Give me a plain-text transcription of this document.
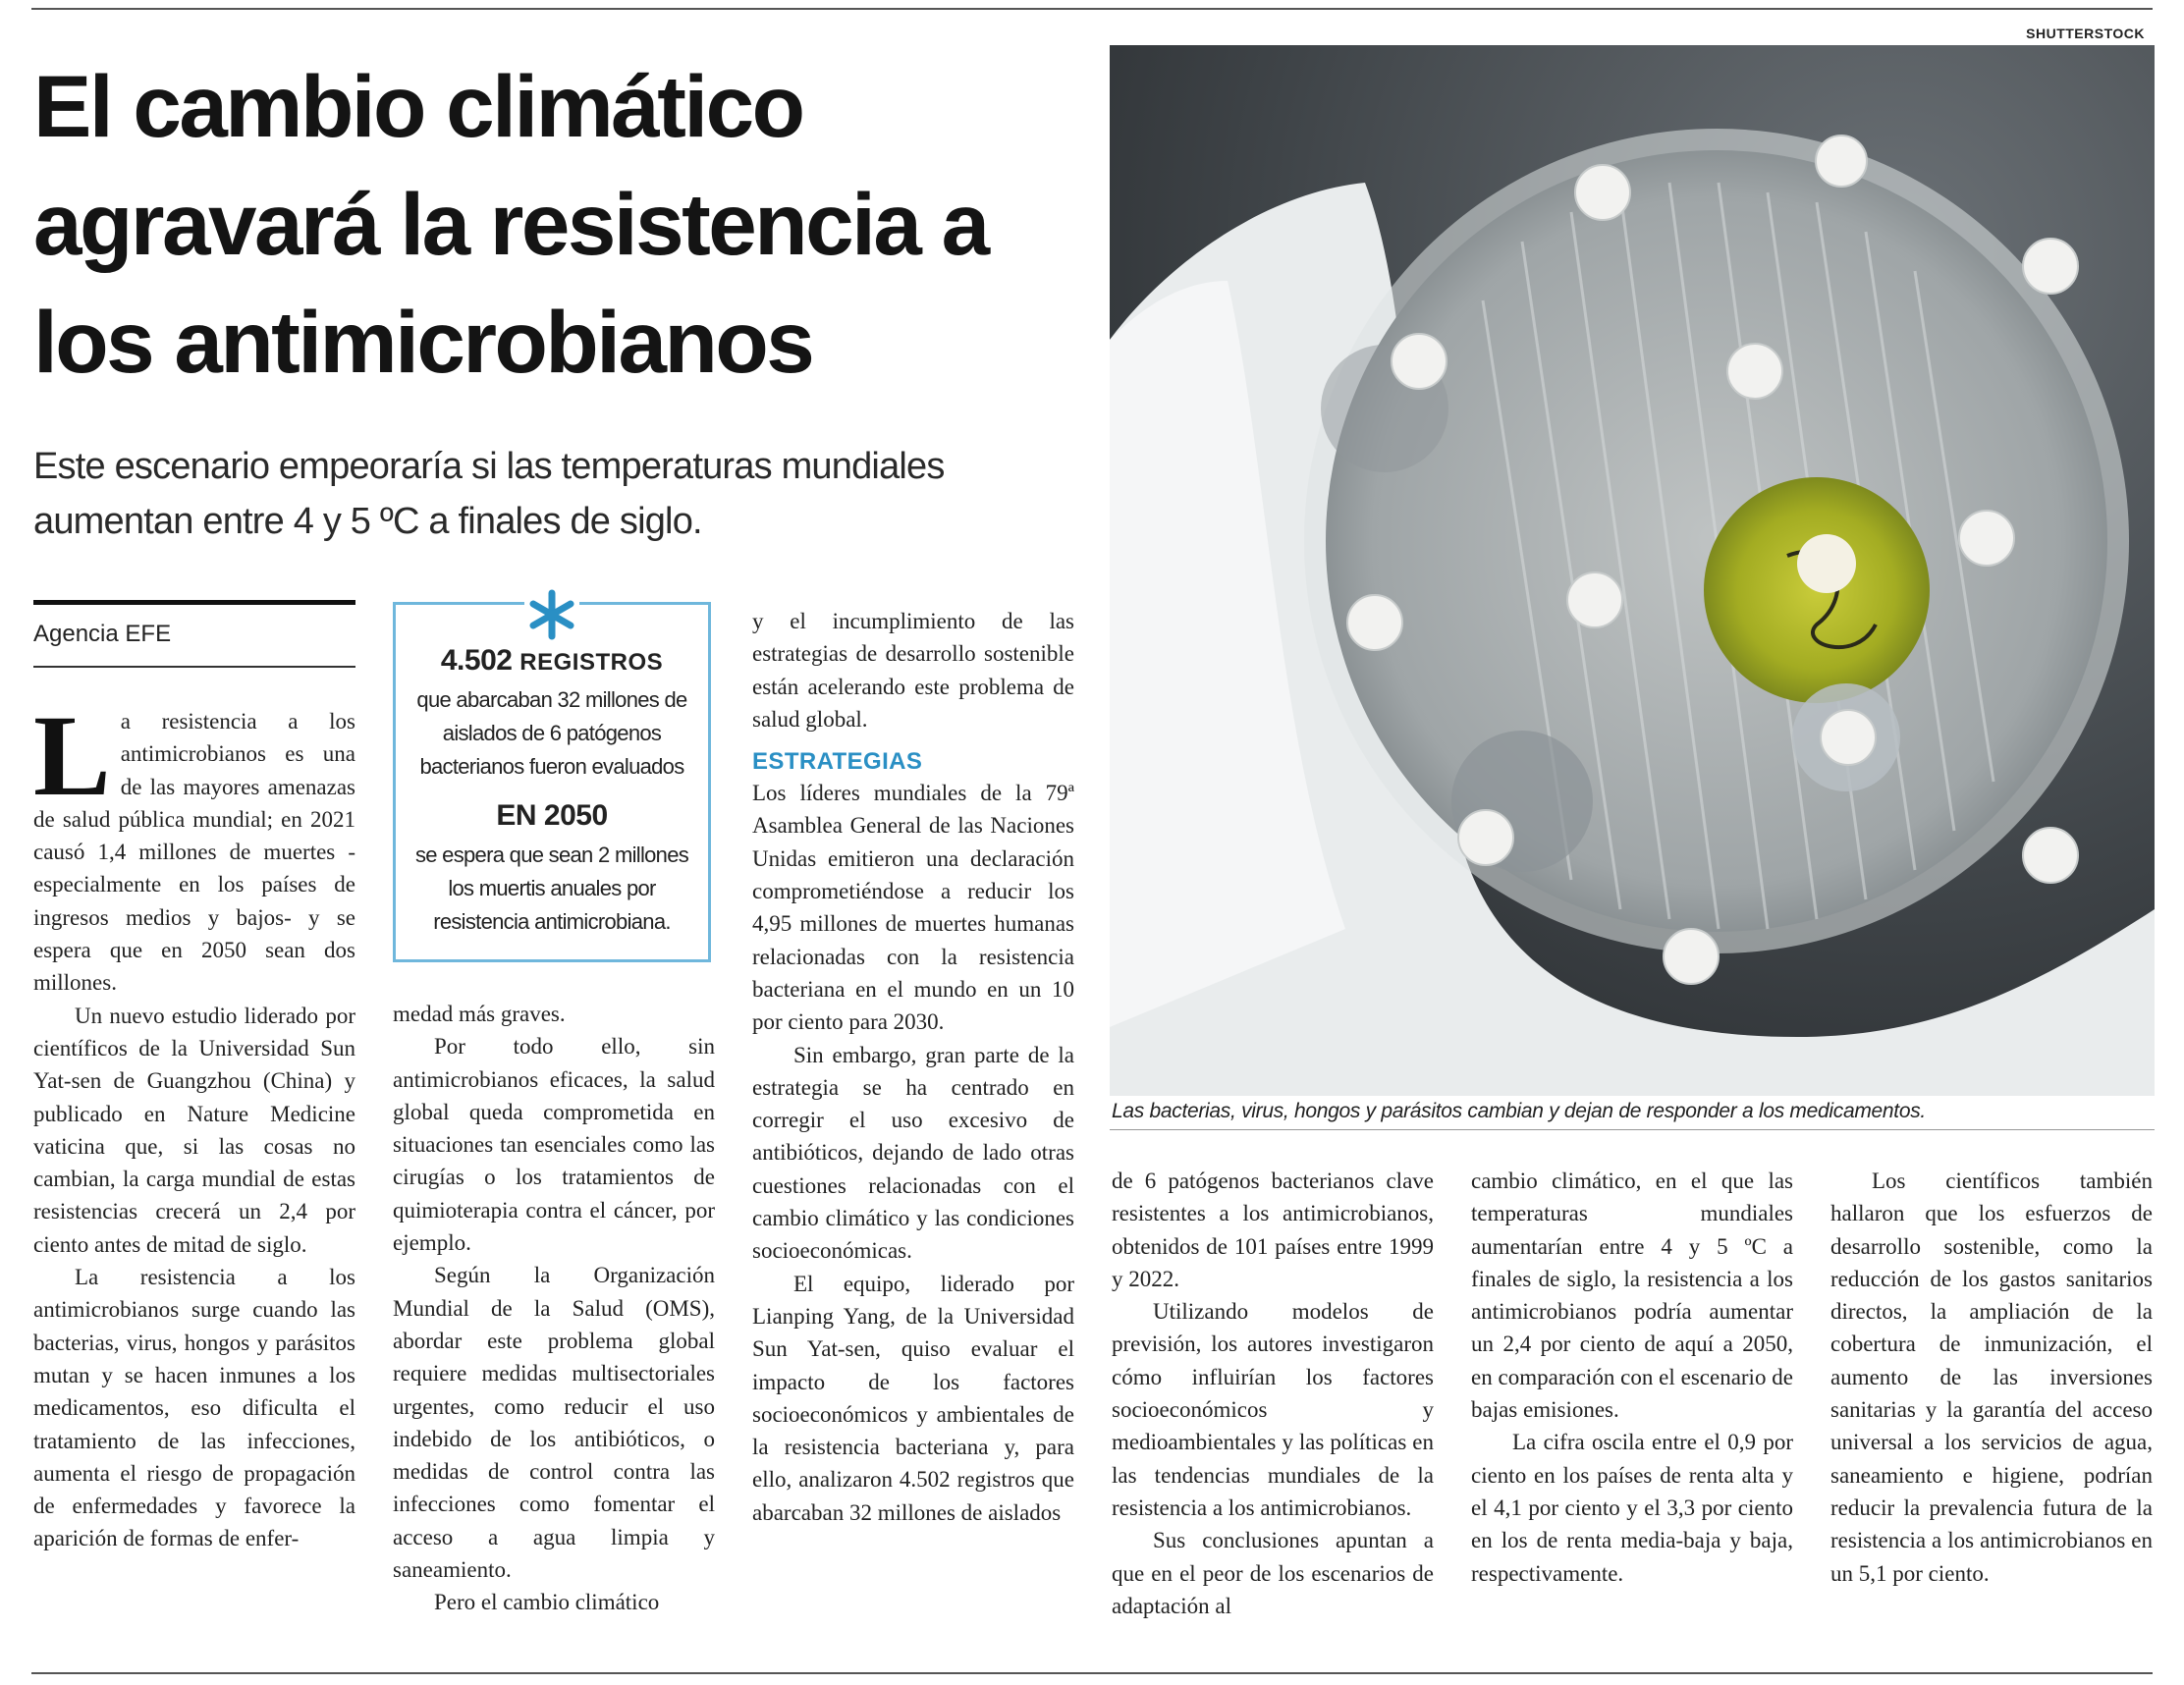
SHUTTERSTOCK
El cambio climático agravará la resistencia a los antimicrobianos

Este escenario empeoraría si las temperaturas mundiales aumentan entre 4 y 5 ºC a finales de siglo.

Agencia EFE

La resistencia a los antimicrobianos es una de las mayores amenazas de salud pública mundial; en 2021 causó 1,4 millones de muertes -especialmente en los países de ingresos medios y bajos- y se espera que en 2050 sean dos millones.

Un nuevo estudio liderado por científicos de la Universidad Sun Yat-sen de Guangzhou (China) y publicado en Nature Medicine vaticina que, si las cosas no cambian, la carga mundial de estas resistencias crecerá un 2,4 por ciento antes de mitad de siglo.

La resistencia a los antimicrobianos surge cuando las bacterias, virus, hongos y parásitos mutan y se hacen inmunes a los medicamentos, eso dificulta el tratamiento de las infecciones, aumenta el riesgo de propagación de enfermedades y favorece la aparición de formas de enfer-

4.502 REGISTROS
que abarcaban 32 millones de aislados de 6 patógenos bacterianos fueron evaluados
EN 2050
se espera que sean 2 millones los muertis anuales por resistencia antimicrobiana.

medad más graves.

Por todo ello, sin antimicrobianos eficaces, la salud global queda comprometida en situaciones tan esenciales como las cirugías o los tratamientos de quimioterapia contra el cáncer, por ejemplo.

Según la Organización Mundial de la Salud (OMS), abordar este problema global requiere medidas multisectoriales urgentes, como reducir el uso indebido de los antibióticos, o medidas de control contra las infecciones como fomentar el acceso a agua limpia y saneamiento.

Pero el cambio climático

y el incumplimiento de las estrategias de desarrollo sostenible están acelerando este problema de salud global.

ESTRATEGIAS

Los líderes mundiales de la 79ª Asamblea General de las Naciones Unidas emitieron una declaración comprometiéndose a reducir los 4,95 millones de muertes humanas relacionadas con la resistencia bacteriana en el mundo en un 10 por ciento para 2030.

Sin embargo, gran parte de la estrategia se ha centrado en corregir el uso excesivo de antibióticos, dejando de lado otras cuestiones relacionadas con el cambio climático y las condiciones socioeconómicas.

El equipo, liderado por Lianping Yang, de la Universidad Sun Yat-sen, quiso evaluar el impacto de los factores socioeconómicos y ambientales de la resistencia bacteriana y, para ello, analizaron 4.502 registros que abarcaban 32 millones de aislados

Las bacterias, virus, hongos y parásitos cambian y dejan de responder a los medicamentos.

de 6 patógenos bacterianos clave resistentes a los antimicrobianos, obtenidos de 101 países entre 1999 y 2022.

Utilizando modelos de previsión, los autores investigaron cómo influirían los factores socioeconómicos y medioambientales y las políticas en las tendencias mundiales de la resistencia a los antimicrobianos.

Sus conclusiones apuntan a que en el peor de los escenarios de adaptación al

cambio climático, en el que las temperaturas mundiales aumentarían entre 4 y 5 ºC a finales de siglo, la resistencia a los antimicrobianos podría aumentar un 2,4 por ciento de aquí a 2050, en comparación con el escenario de bajas emisiones.

La cifra oscila entre el 0,9 por ciento en los países de renta alta y el 4,1 por ciento y el 3,3 por ciento en los de renta media-baja y baja, respectivamente.

Los científicos también hallaron que los esfuerzos de desarrollo sostenible, como la reducción de los gastos sanitarios directos, la ampliación de la cobertura de inmunización, el aumento de las inversiones sanitarias y la garantía del acceso universal a los servicios de agua, saneamiento e higiene, podrían reducir la prevalencia futura de la resistencia a los antimicrobianos en un 5,1 por ciento.
